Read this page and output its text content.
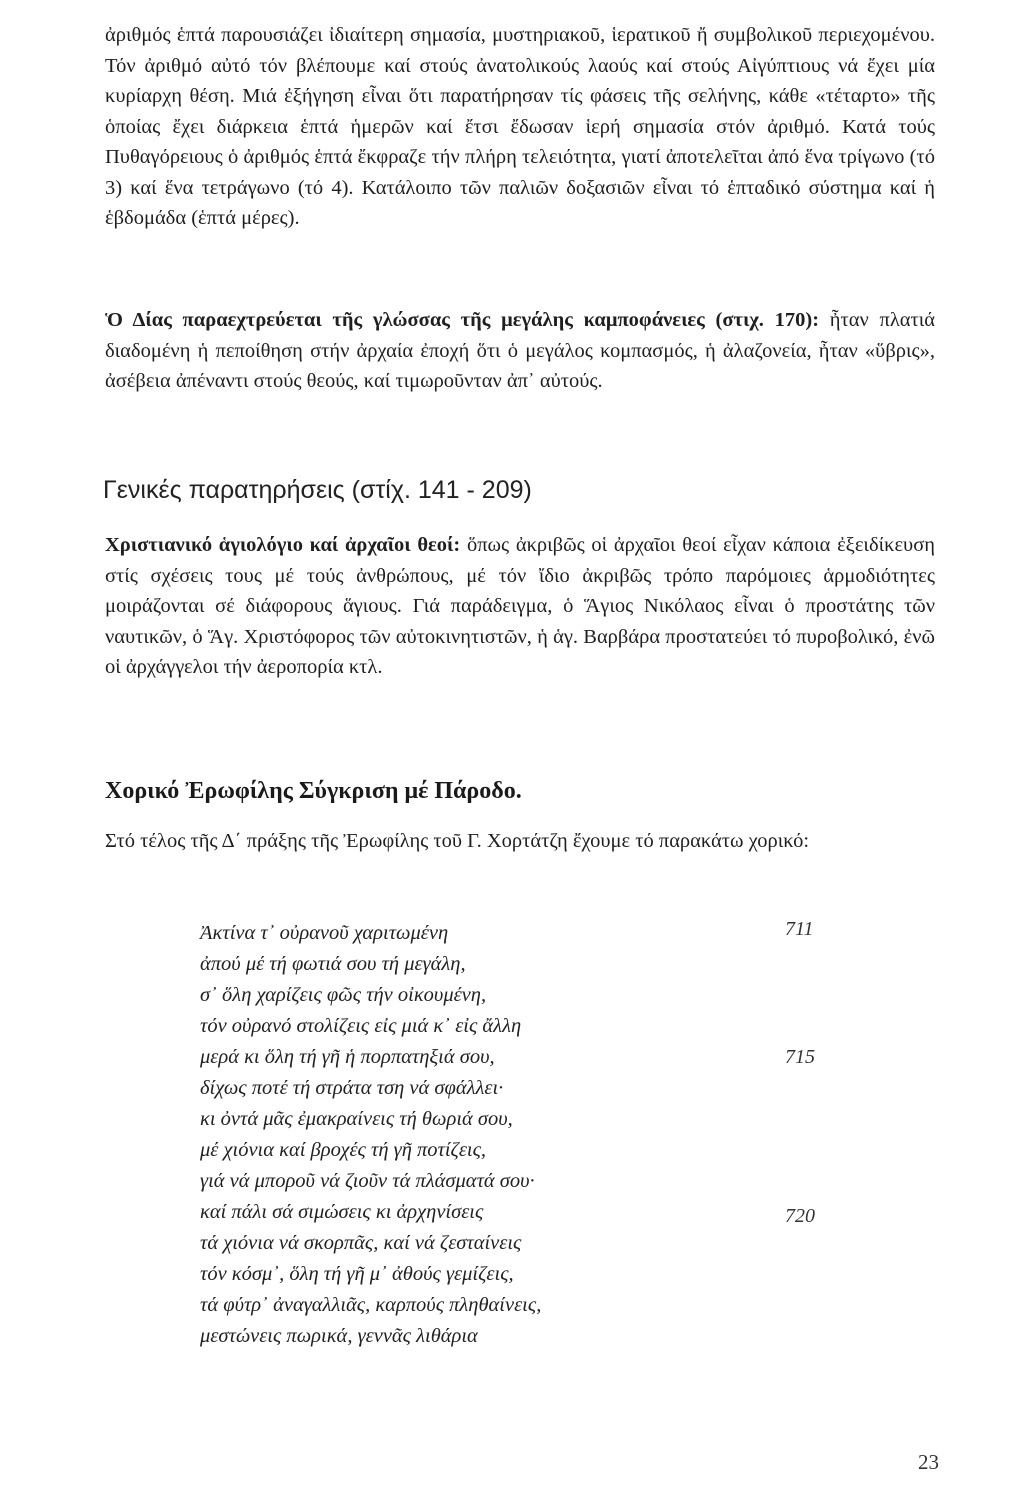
ἀριθμός ἑπτά παρουσιάζει ἰδιαίτερη σημασία, μυστηριακοῦ, ἱερατικοῦ ἤ συμβολικοῦ περιεχομένου. Τόν ἀριθμό αὐτό τόν βλέπουμε καί στούς ἀνατολικούς λαούς καί στούς Αἰγύπτιους νά ἔχει μία κυρίαρχη θέση. Μιά ἐξήγηση εἶναι ὅτι παρατήρησαν τίς φάσεις τῆς σελήνης, κάθε «τέταρτο» τῆς ὁποίας ἔχει διάρκεια ἑπτά ἡμερῶν καί ἔτσι ἔδωσαν ἱερή σημασία στόν ἀριθμό. Κατά τούς Πυθαγόρειους ὁ ἀριθμός ἑπτά ἔκφραζε τήν πλήρη τελειότητα, γιατί ἀποτελεῖται ἀπό ἕνα τρίγωνο (τό 3) καί ἕνα τετράγωνο (τό 4). Κατάλοιπο τῶν παλιῶν δοξασιῶν εἶναι τό ἑπταδικό σύστημα καί ἡ ἑβδομάδα (ἑπτά μέρες).

Ὁ Δίας παραεχτρεύεται τῆς γλώσσας τῆς μεγάλης καμποφάνειες (στιχ. 170): ἦταν πλατιά διαδομένη ἡ πεποίθηση στήν ἀρχαία ἐποχή ὅτι ὁ μεγάλος κομπασμός, ἡ ἀλαζονεία, ἦταν «ὕβρις», ἀσέβεια ἀπέναντι στούς θεούς, καί τιμωροῦνταν ἀπ᾿ αὐτούς.

Γενικές παρατηρήσεις (στίχ. 141 - 209)

Χριστιανικό ἁγιολόγιο καί ἀρχαῖοι θεοί: ὅπως ἀκριβῶς οἱ ἀρχαῖοι θεοί εἶχαν κάποια ἐξειδίκευση στίς σχέσεις τους μέ τούς ἀνθρώπους, μέ τόν ἴδιο ἀκριβῶς τρόπο παρόμοιες ἁρμοδιότητες μοιράζονται σέ διάφορους ἅγιους. Γιά παράδειγμα, ὁ Ἅγιος Νικόλαος εἶναι ὁ προστάτης τῶν ναυτικῶν, ὁ Ἅγ. Χριστόφορος τῶν αὐτοκινητιστῶν, ἡ ἁγ. Βαρβάρα προστατεύει τό πυροβολικό, ἐνῶ οἱ ἀρχάγγελοι τήν ἀεροπορία κτλ.

Χορικό Ἐρωφίλης Σύγκριση μέ Πάροδο.

Στό τέλος τῆς Δ΄ πράξης τῆς Ἐρωφίλης τοῦ Γ. Χορτάτζη ἔχουμε τό παρακάτω χορικό:

Ἀκτίνα τ᾿ οὐρανοῦ χαριτωμένη
ἀπού μέ τή φωτιά σου τή μεγάλη,
σ᾿ ὅλη χαρίζεις φῶς τήν οἰκουμένη,
τόν οὐρανό στολίζεις εἰς μιά κ᾿ εἰς ἄλλη
μερά κι ὅλη τή γῆ ἡ πορπατηξιά σου,
δίχως ποτέ τή στράτα τση νά σφάλλει·
κι ὀντά μᾶς ἐμακραίνεις τή θωριά σου,
μέ χιόνια καί βροχές τή γῆ ποτίζεις,
γιά νά μποροῦ νά ζιοῦν τά πλάσματά σου·
καί πάλι σά σιμώσεις κι ἀρχηνίσεις
τά χιόνια νά σκορπᾶς, καί νά ζεσταίνεις
τόν κόσμ᾿, ὅλη τή γῆ μ᾿ ἀθούς γεμίζεις,
τά φύτρ᾿ ἀναγαλλιᾶς, καρπούς πληθαίνεις,
μεστώνεις πωρικά, γεννᾶς λιθάρια
711
715
720
23
